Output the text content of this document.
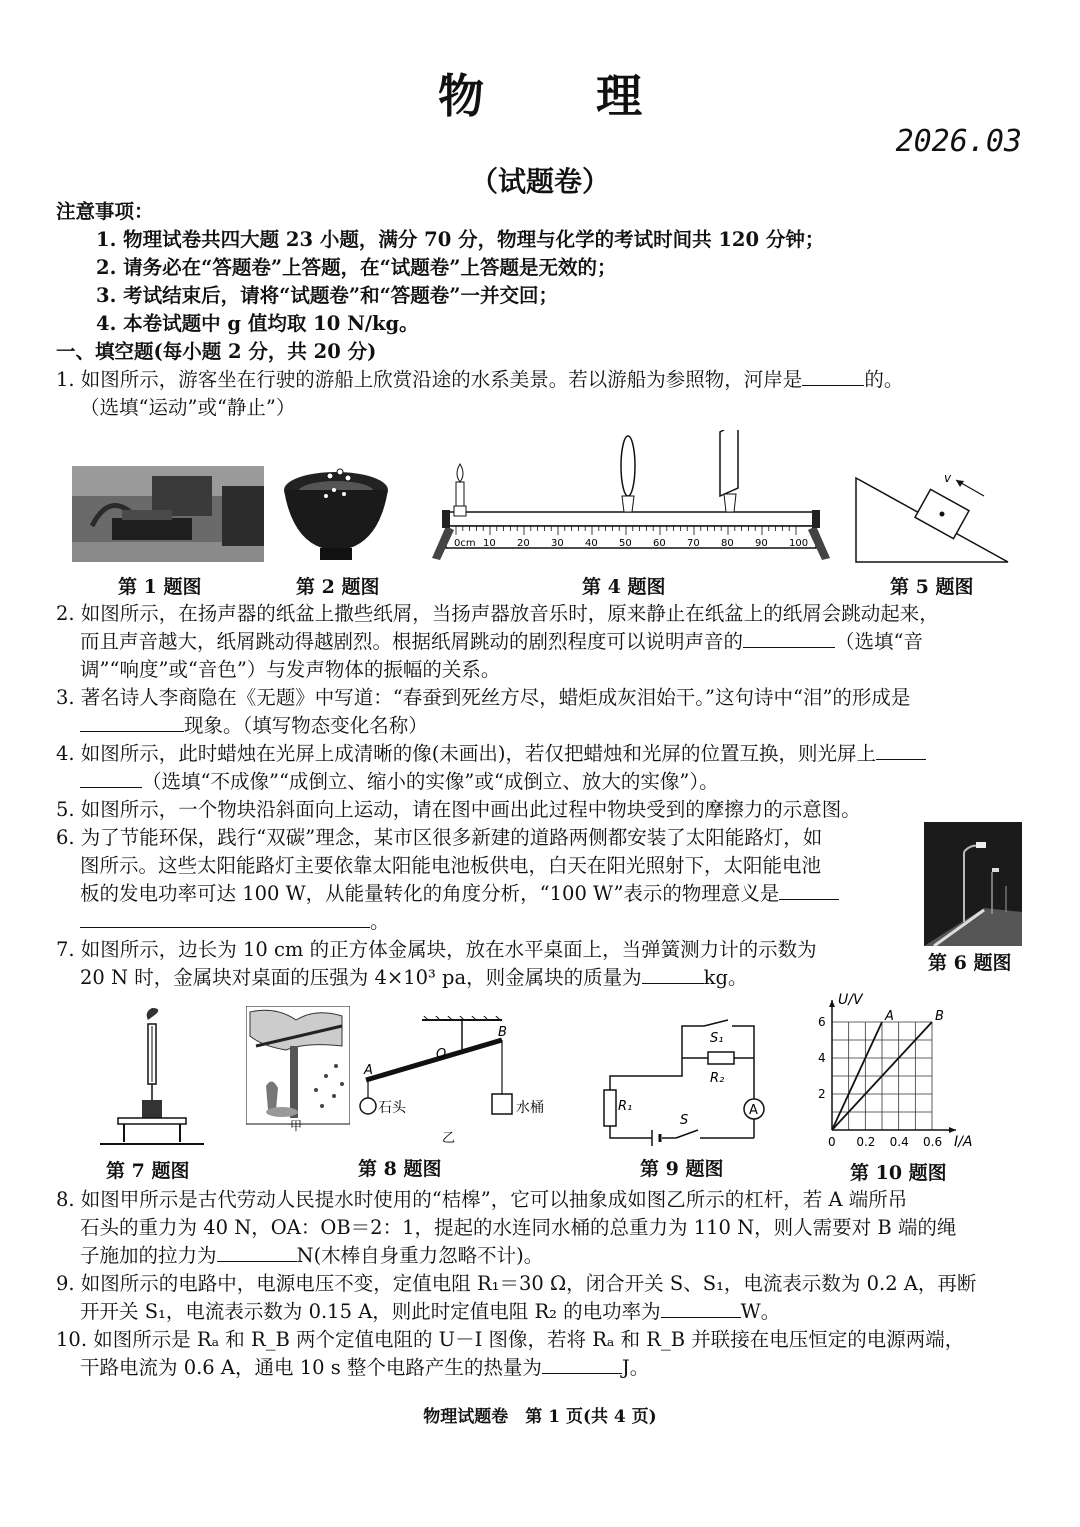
物 理
2026.03
（试题卷）
注意事项：
1. 物理试卷共四大题 23 小题，满分 70 分，物理与化学的考试时间共 120 分钟；
2. 请务必在“答题卷”上答题，在“试题卷”上答题是无效的；
3. 考试结束后，请将“试题卷”和“答题卷”一并交回；
4. 本卷试题中 g 值均取 10 N/kg。
一、填空题(每小题 2 分，共 20 分)
1. 如图所示，游客坐在行驶的游船上欣赏沿途的水系美景。若以游船为参照物，河岸是	的。
（选填“运动”或“静止”）
0cm 10 20 30 40 50 60 70 80 90 100
v
第 1 题图	第 2 题图	第 4 题图	第 5 题图
2. 如图所示，在扬声器的纸盆上撒些纸屑，当扬声器放音乐时，原来静止在纸盆上的纸屑会跳动起来，
而且声音越大，纸屑跳动得越剧烈。根据纸屑跳动的剧烈程度可以说明声音的	（选填“音
调”“响度”或“音色”）与发声物体的振幅的关系。
3. 著名诗人李商隐在《无题》中写道：“春蚕到死丝方尽，蜡炬成灰泪始干。”这句诗中“泪”的形成是
现象。（填写物态变化名称）
4. 如图所示，此时蜡烛在光屏上成清晰的像(未画出)，若仅把蜡烛和光屏的位置互换，则光屏上
（选填“不成像”“成倒立、缩小的实像”或“成倒立、放大的实像”）。
5. 如图所示，一个物块沿斜面向上运动，请在图中画出此过程中物块受到的摩擦力的示意图。
6. 为了节能环保，践行“双碳”理念，某市区很多新建的道路两侧都安装了太阳能路灯，如
图所示。这些太阳能路灯主要依靠太阳能电池板供电，白天在阳光照射下，太阳能电池
板的发电功率可达 100 W，从能量转化的角度分析，“100 W”表示的物理意义是
。
第 6 题图
7. 如图所示，边长为 10 cm 的正方体金属块，放在水平桌面上，当弹簧测力计的示数为
20 N 时，金属块对桌面的压强为 4×10³ pa，则金属块的质量为	kg。
甲
A
O
B
石头	水桶
乙
A
S₁
R₂
R₁
S
A	B
0 0.2 0.4 0.6
2
4
6
U/V
I/A
第 7 题图	第 8 题图	第 9 题图	第 10 题图
8. 如图甲所示是古代劳动人民提水时使用的“桔槔”，它可以抽象成如图乙所示的杠杆，若 A 端所吊
石头的重力为 40 N，OA：OB＝2：1，提起的水连同水桶的总重力为 110 N，则人需要对 B 端的绳
子施加的拉力为	N(木棒自身重力忽略不计)。
9. 如图所示的电路中，电源电压不变，定值电阻 R₁＝30 Ω，闭合开关 S、S₁，电流表示数为 0.2 A，再断
开开关 S₁，电流表示数为 0.15 A，则此时定值电阻 R₂ 的电功率为	W。
10. 如图所示是 Rₐ 和 R_B 两个定值电阻的 U－I 图像，若将 Rₐ 和 R_B 并联接在电压恒定的电源两端，
干路电流为 0.6 A，通电 10 s 整个电路产生的热量为	J。
物理试题卷　第 1 页(共 4 页)
